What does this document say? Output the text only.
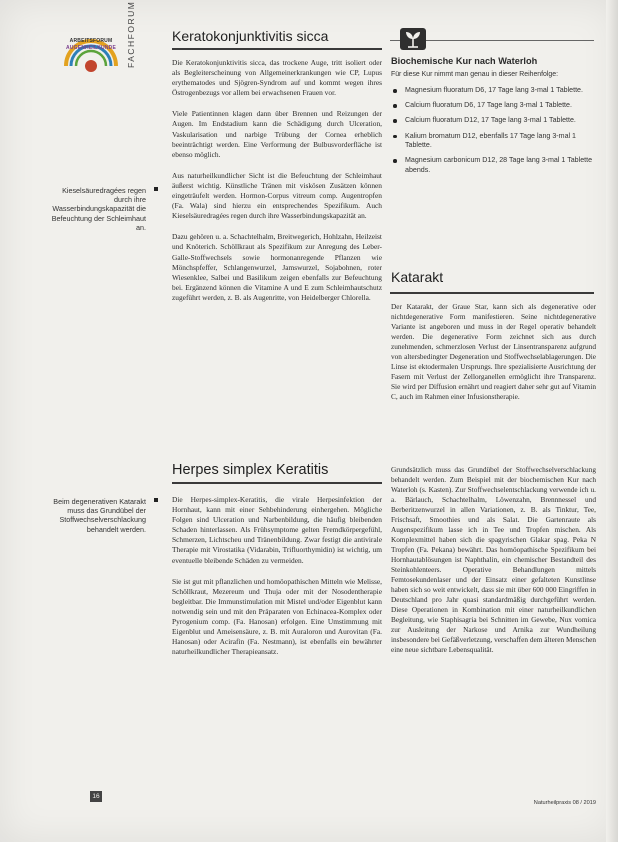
ARBEITSFORUM
AUGENHEILKUNDE	FACHFORUM
Kieselsäuredragées regen durch ihre Wasserbindungskapazität die Befeuchtung der Schleimhaut an.
Beim degenerativen Katarakt muss das Grundübel der Stoffwechselverschlackung behandelt werden.
Keratokonjunktivitis sicca

Die Keratokonjunktivitis sicca, das trockene Auge, tritt isoliert oder als Begleiterscheinung von Allgemeinerkrankungen wie CP, Lupus erythematodes und Sjögren-Syndrom auf und kommt wegen ihres Östrogenbezugs vor allem bei erwachsenen Frauen vor.

Viele Patientinnen klagen dann über Brennen und Reizungen der Augen. Im Endstadium kann die Schädigung durch Ulceration, Vaskularisation und narbige Trübung der Cornea erheblich beeinträchtigt werden. Eine Verformung der Bulbusvorderfläche ist ebenso möglich.

Aus naturheilkundlicher Sicht ist die Befeuchtung der Schleimhaut äußerst wichtig. Künstliche Tränen mit viskösen Zusätzen können eingeträufelt werden. Hormon-Corpus vitreum comp. Augentropfen (Fa. Wala) sind hierzu ein entsprechendes Spezifikum. Auch Kieselsäuredragées regen durch ihre Wasserbindungskapazität an.

Dazu gehören u. a. Schachtelhalm, Breitwegerich, Hohlzahn, Heilzeist und Knöterich. Schöllkraut als Spezifikum zur Anregung des Leber-Galle-Stoffwechsels sowie hormonanregende Pflanzen wie Mönchspfeffer, Schlangenwurzel, Jamswurzel, Sojabohnen, roter Wiesenklee, Salbei und Basilikum zeigen ebenfalls zur Befeuchtung bei. Ergänzend können die Vitamine A und E zum Schleimhautschutz zugeführt werden, z. B. als Augenritte, von Heidelberger Chlorella.

Herpes simplex Keratitis

Die Herpes-simplex-Keratitis, die virale Herpesinfektion der Hornhaut, kann mit einer Sehbehinderung einhergehen. Mögliche Folgen sind Ulceration und Narbenbildung, die häufig bleibenden Schaden hinterlassen. Als Frühsymptome gelten Fremdkörpergefühl, Schmerzen, Lichtscheu und Tränenbildung. Zwar festigt die antivirale Therapie mit Virostatika (Vidarabin, Trifluorthymidin) ist wichtig, um eventuelle bleibende Schäden zu vermeiden.

Sie ist gut mit pflanzlichen und homöopathischen Mitteln wie Melisse, Schöllkraut, Mezereum und Thuja oder mit der Nosodentherapie begleitbar. Die Immunstimulation mit Mistel und/oder Eigenblut kann notwendig sein und mit den Präparaten von Echinacea-Komplex oder Pyrogenium comp. (Fa. Hanosan) erfolgen. Eine Umstimmung mit Eigenblut und Ameisensäure, z. B. mit Auraloron und Aurovitan (Fa. Hanosan) oder Acirafin (Fa. Nestmann), ist ebenfalls ein bewährter naturheilkundlicher Therapieansatz.

Biochemische Kur nach Waterloh

Für diese Kur nimmt man genau in dieser Reihenfolge:

Magnesium fluoratum D6, 17 Tage lang 3-mal 1 Tablette.
Calcium fluoratum D6, 17 Tage lang 3-mal 1 Tablette.
Calcium fluoratum D12, 17 Tage lang 3-mal 1 Tablette.
Kalium bromatum D12, ebenfalls 17 Tage lang 3-mal 1 Tablette.
Magnesium carbonicum D12, 28 Tage lang 3-mal 1 Tablette abends.
Katarakt

Der Katarakt, der Graue Star, kann sich als degenerative oder nichtdegenerative Form manifestieren. Seine nichtdegenerative Variante ist angeboren und muss in der Regel operativ behandelt werden. Die degenerative Form zeichnet sich aus durch zunehmenden, schmerzlosen Verlust der Linsentransparenz aufgrund von altersbedingter Degeneration und Stoffwechselablagerungen. Die Linse ist ektodermalen Ursprungs. Ihre spezialisierte Ausrichtung der Fasern mit Verlust der Zellorganellen ermöglicht ihre Transparenz. Sie wird per Diffusion ernährt und reagiert daher sehr gut auf Vitamin C, auch im Rahmen einer Infusionstherapie.

Grundsätzlich muss das Grundübel der Stoffwechselverschlackung behandelt werden. Zum Beispiel mit der biochemischen Kur nach Waterloh (s. Kasten). Zur Stoffwechselentschlackung verwende ich u. a. Bärlauch, Schachtelhalm, Löwenzahn, Brennnessel und Berberitzenwurzel in allen Variationen, z. B. als Tinktur, Tee, Frischsaft, Smoothies und als Salat. Die Gartenraute als Augenspezifikum lasse ich in Tee und Tropfen mischen. Als Komplexmittel haben sich die spagyrischen Glakar spag. Peka N Tropfen (Fa. Pekana) bewährt. Das homöopathische Spezifikum bei Hornhautablösungen ist Naphthalin, ein chemischer Bestandteil des Steinkohlenteers. Operative Behandlungen mittels Femtosekundenlaser und der Einsatz einer gefalteten Kunstlinse haben sich so weit entwickelt, dass sie mit über 600 000 Eingriffen in Deutschland pro Jahr quasi standardmäßig durchgeführt werden. Diese Operationen in Kombination mit einer naturheilkundlichen Begleitung, wie Staphisagria bei Schnitten im Gewebe, Nux vomica zur Ausleitung der Narkose und Arnika zur Wundheilung insbesondere bei Gefäßverletzung, verschaffen dem älteren Menschen eine neue sichtbare Lebensqualität.

16
Naturheilpraxis 08 / 2019
